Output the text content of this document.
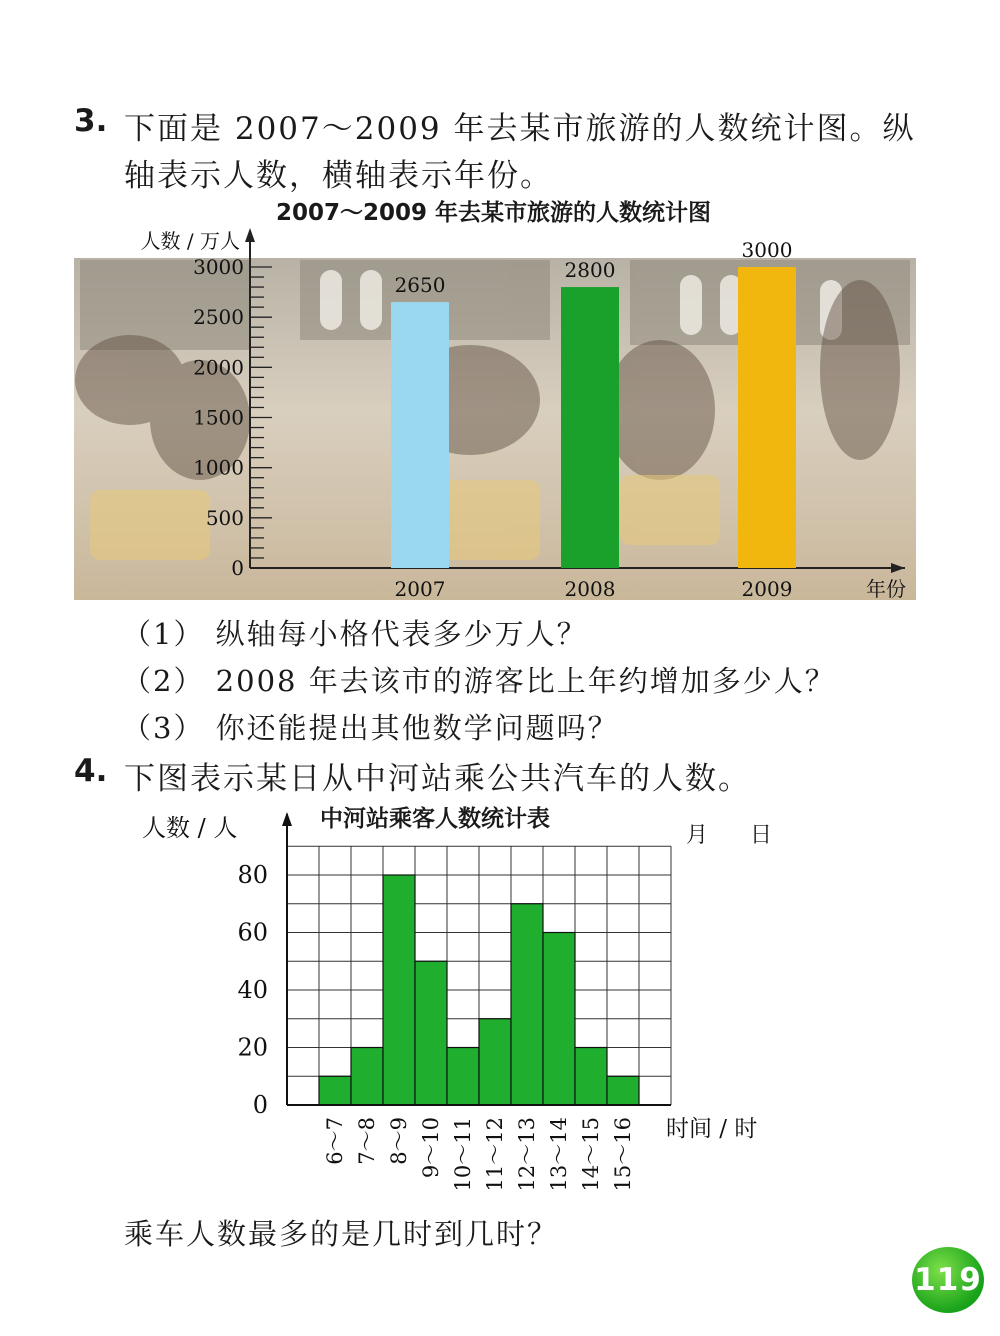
3. 下面是 2007～2009 年去某市旅游的人数统计图。纵
轴表示人数，横轴表示年份。
2007～2009 年去某市旅游的人数统计图
0
500
1000
1500
2000
2500
3000
人数 / 万人
年份
2650
2007
2800
2008
3000
2009
（1） 纵轴每小格代表多少万人？
（2） 2008 年去该市的游客比上年约增加多少人？
（3） 你还能提出其他数学问题吗？
4. 下图表示某日从中河站乘公共汽车的人数。
中河站乘客人数统计表
月 日
0
20
40
60
80
人数 / 人
时间 / 时
6～7 7～8 8～9 9～10 10～11 11～12 12～13 13～14 14～15 15～16
乘车人数最多的是几时到几时？
119
